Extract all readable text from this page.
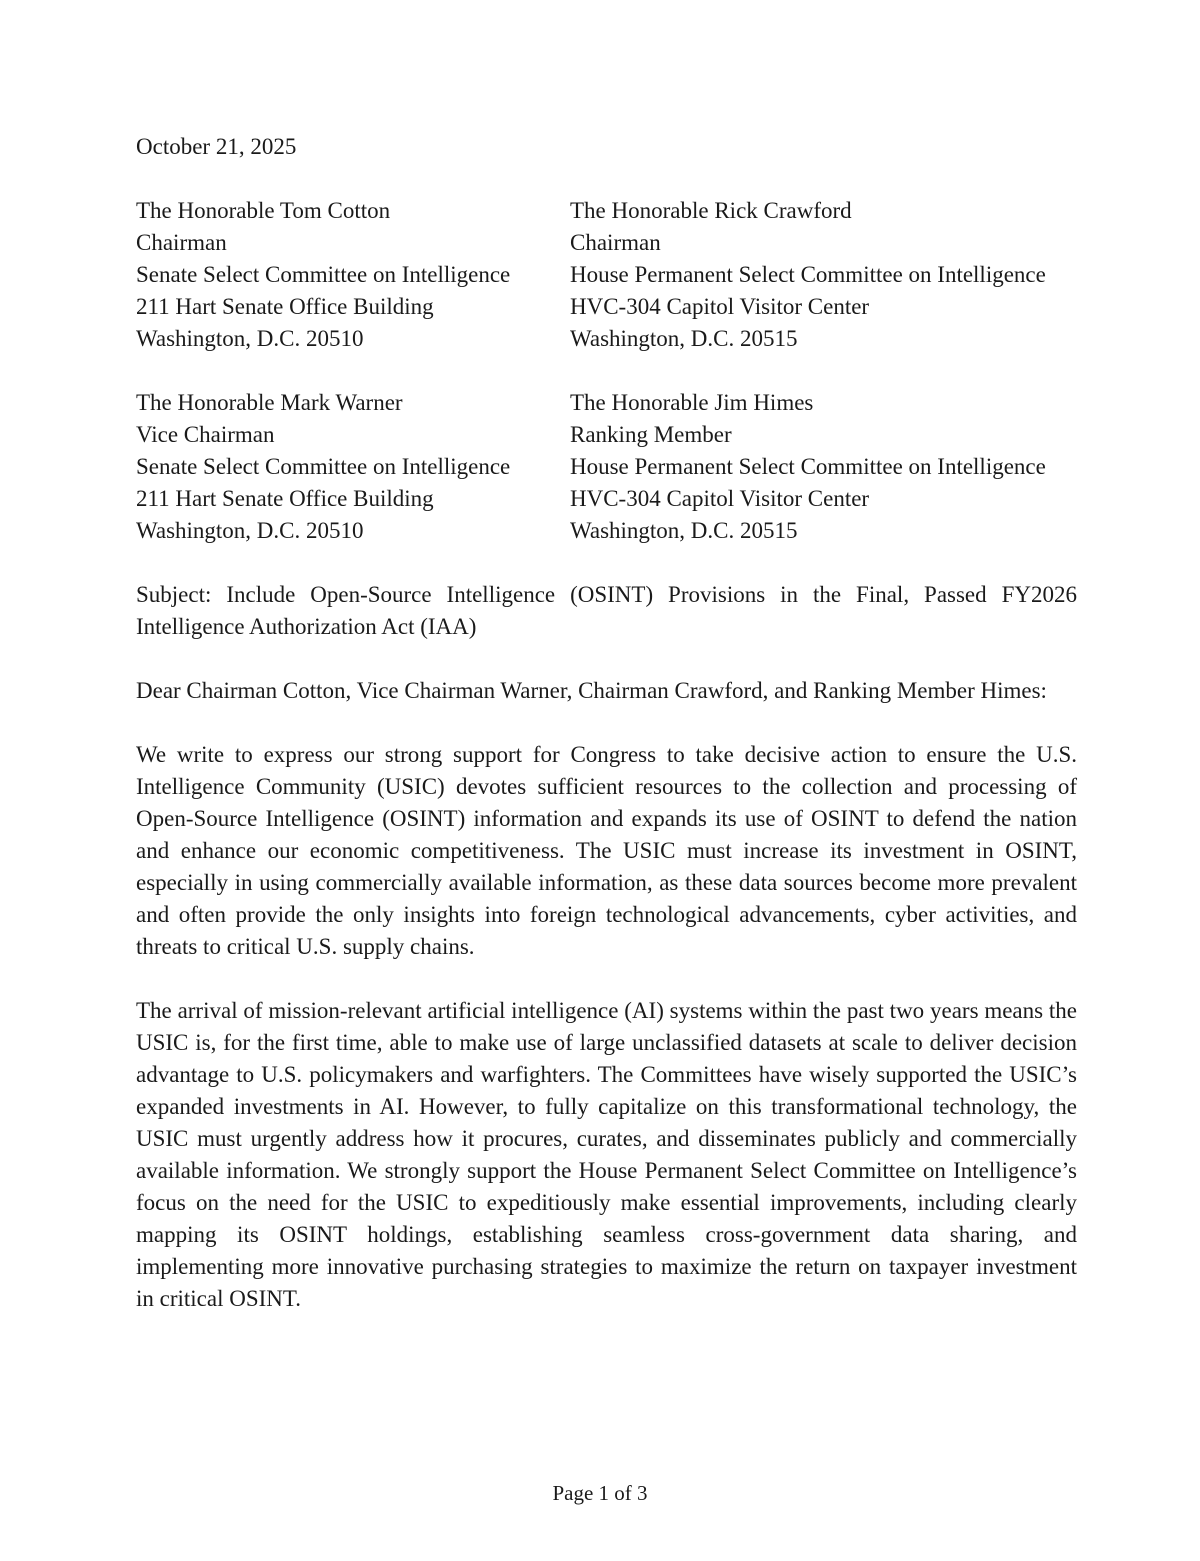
October 21, 2025

The Honorable Tom Cotton
Chairman
Senate Select Committee on Intelligence
211 Hart Senate Office Building
Washington, D.C. 20510
The Honorable Rick Crawford
Chairman
House Permanent Select Committee on Intelligence
HVC-304 Capitol Visitor Center
Washington, D.C. 20515
The Honorable Mark Warner
Vice Chairman
Senate Select Committee on Intelligence
211 Hart Senate Office Building
Washington, D.C. 20510
The Honorable Jim Himes
Ranking Member
House Permanent Select Committee on Intelligence
HVC-304 Capitol Visitor Center
Washington, D.C. 20515

Subject: Include Open-Source Intelligence (OSINT) Provisions in the Final, Passed FY2026 Intelligence Authorization Act (IAA)

Dear Chairman Cotton, Vice Chairman Warner, Chairman Crawford, and Ranking Member Himes:

We write to express our strong support for Congress to take decisive action to ensure the U.S. Intelligence Community (USIC) devotes sufficient resources to the collection and processing of Open-Source Intelligence (OSINT) information and expands its use of OSINT to defend the nation and enhance our economic competitiveness. The USIC must increase its investment in OSINT, especially in using commercially available information, as these data sources become more prevalent and often provide the only insights into foreign technological advancements, cyber activities, and threats to critical U.S. supply chains.

The arrival of mission-relevant artificial intelligence (AI) systems within the past two years means the USIC is, for the first time, able to make use of large unclassified datasets at scale to deliver decision advantage to U.S. policymakers and warfighters. The Committees have wisely supported the USIC’s expanded investments in AI. However, to fully capitalize on this transformational technology, the USIC must urgently address how it procures, curates, and disseminates publicly and commercially available information. We strongly support the House Permanent Select Committee on Intelligence’s focus on the need for the USIC to expeditiously make essential improvements, including clearly mapping its OSINT holdings, establishing seamless cross-government data sharing, and implementing more innovative purchasing strategies to maximize the return on taxpayer investment in critical OSINT.

Page 1 of 3
